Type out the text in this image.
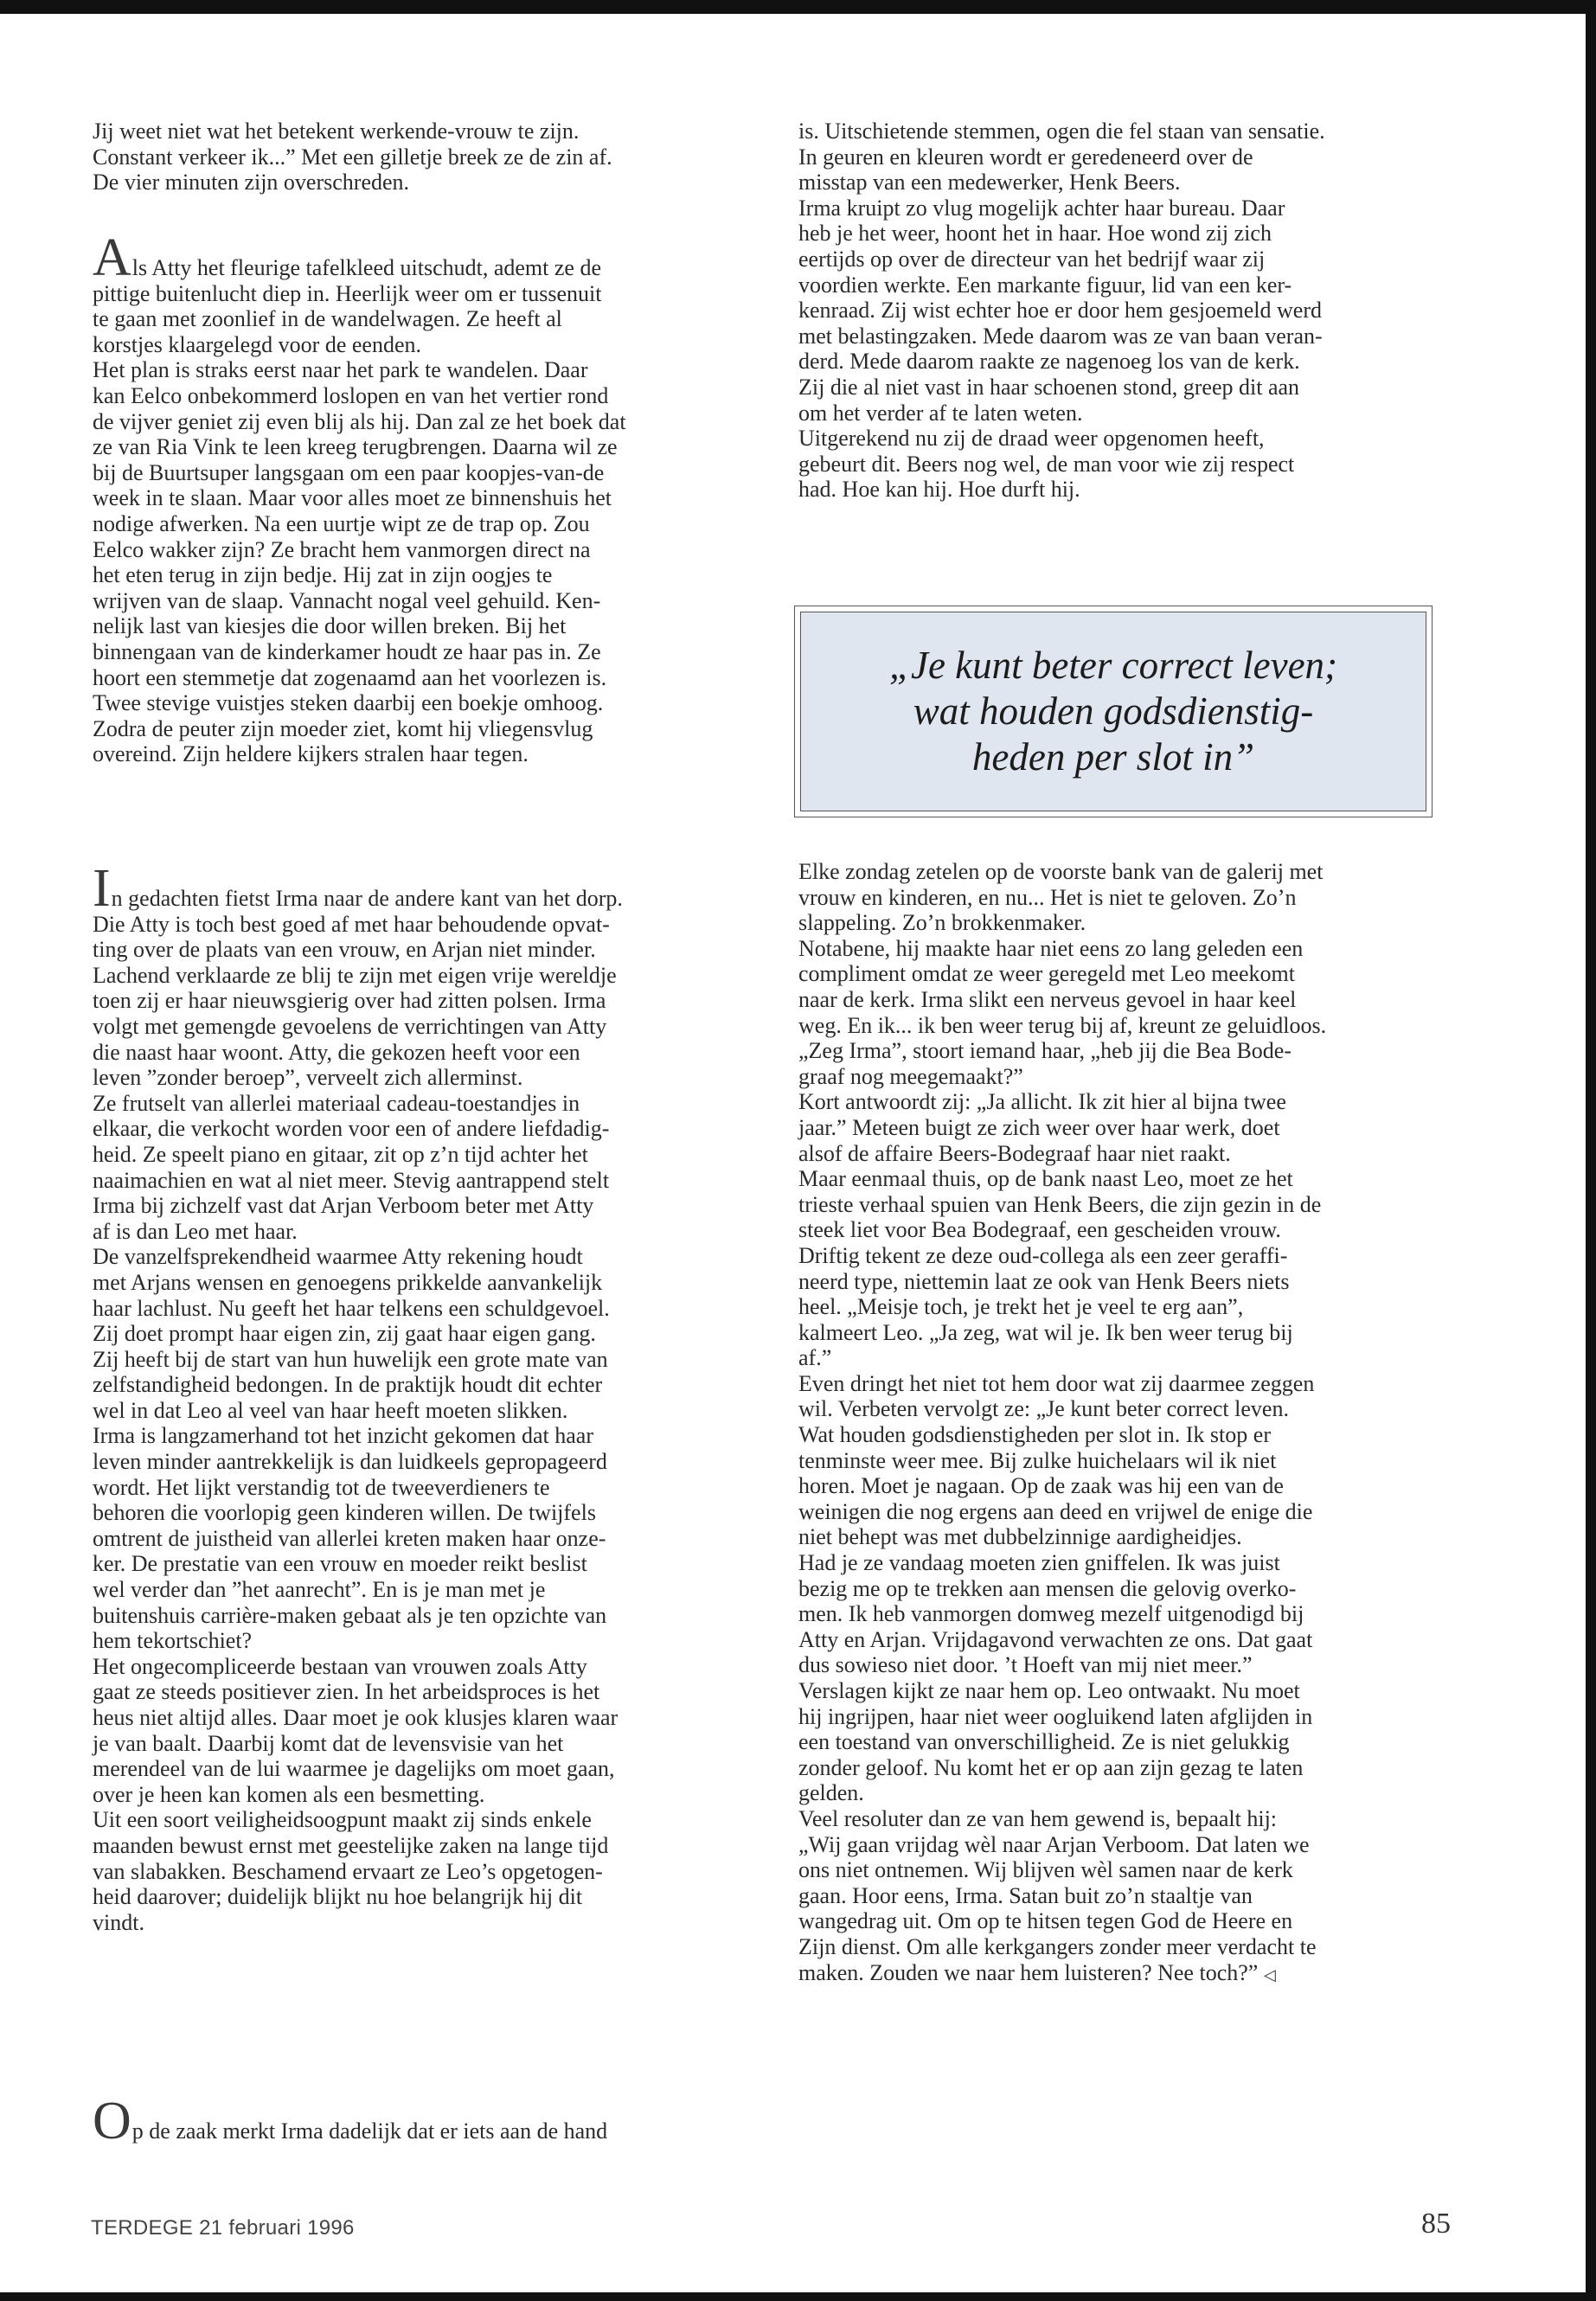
Jij weet niet wat het betekent werkende-vrouw te zijn.

Constant verkeer ik...” Met een gilletje breek ze de zin af.

De vier minuten zijn overschreden.

Als Atty het fleurige tafelkleed uitschudt, ademt ze de

pittige buitenlucht diep in. Heerlijk weer om er tussenuit

te gaan met zoonlief in de wandelwagen. Ze heeft al

korstjes klaargelegd voor de eenden.

Het plan is straks eerst naar het park te wandelen. Daar

kan Eelco onbekommerd loslopen en van het vertier rond

de vijver geniet zij even blij als hij. Dan zal ze het boek dat

ze van Ria Vink te leen kreeg terugbrengen. Daarna wil ze

bij de Buurtsuper langsgaan om een paar koopjes-van-de

week in te slaan. Maar voor alles moet ze binnenshuis het

nodige afwerken. Na een uurtje wipt ze de trap op. Zou

Eelco wakker zijn? Ze bracht hem vanmorgen direct na

het eten terug in zijn bedje. Hij zat in zijn oogjes te

wrijven van de slaap. Vannacht nogal veel gehuild. Ken-

nelijk last van kiesjes die door willen breken. Bij het

binnengaan van de kinderkamer houdt ze haar pas in. Ze

hoort een stemmetje dat zogenaamd aan het voorlezen is.

Twee stevige vuistjes steken daarbij een boekje omhoog.

Zodra de peuter zijn moeder ziet, komt hij vliegensvlug

overeind. Zijn heldere kijkers stralen haar tegen.

In gedachten fietst Irma naar de andere kant van het dorp.

Die Atty is toch best goed af met haar behoudende opvat-

ting over de plaats van een vrouw, en Arjan niet minder.

Lachend verklaarde ze blij te zijn met eigen vrije wereldje

toen zij er haar nieuwsgierig over had zitten polsen. Irma

volgt met gemengde gevoelens de verrichtingen van Atty

die naast haar woont. Atty, die gekozen heeft voor een

leven ”zonder beroep”, verveelt zich allerminst.

Ze frutselt van allerlei materiaal cadeau-toestandjes in

elkaar, die verkocht worden voor een of andere liefdadig-

heid. Ze speelt piano en gitaar, zit op z’n tijd achter het

naaimachien en wat al niet meer. Stevig aantrappend stelt

Irma bij zichzelf vast dat Arjan Verboom beter met Atty

af is dan Leo met haar.

De vanzelfsprekendheid waarmee Atty rekening houdt

met Arjans wensen en genoegens prikkelde aanvankelijk

haar lachlust. Nu geeft het haar telkens een schuldgevoel.

Zij doet prompt haar eigen zin, zij gaat haar eigen gang.

Zij heeft bij de start van hun huwelijk een grote mate van

zelfstandigheid bedongen. In de praktijk houdt dit echter

wel in dat Leo al veel van haar heeft moeten slikken.

Irma is langzamerhand tot het inzicht gekomen dat haar

leven minder aantrekkelijk is dan luidkeels gepropageerd

wordt. Het lijkt verstandig tot de tweeverdieners te

behoren die voorlopig geen kinderen willen. De twijfels

omtrent de juistheid van allerlei kreten maken haar onze-

ker. De prestatie van een vrouw en moeder reikt beslist

wel verder dan ”het aanrecht”. En is je man met je

buitenshuis carrière-maken gebaat als je ten opzichte van

hem tekortschiet?

Het ongecompliceerde bestaan van vrouwen zoals Atty

gaat ze steeds positiever zien. In het arbeidsproces is het

heus niet altijd alles. Daar moet je ook klusjes klaren waar

je van baalt. Daarbij komt dat de levensvisie van het

merendeel van de lui waarmee je dagelijks om moet gaan,

over je heen kan komen als een besmetting.

Uit een soort veiligheidsoogpunt maakt zij sinds enkele

maanden bewust ernst met geestelijke zaken na lange tijd

van slabakken. Beschamend ervaart ze Leo’s opgetogen-

heid daarover; duidelijk blijkt nu hoe belangrijk hij dit

vindt.

Op de zaak merkt Irma dadelijk dat er iets aan de hand

is. Uitschietende stemmen, ogen die fel staan van sensatie.

In geuren en kleuren wordt er geredeneerd over de

misstap van een medewerker, Henk Beers.

Irma kruipt zo vlug mogelijk achter haar bureau. Daar

heb je het weer, hoont het in haar. Hoe wond zij zich

eertijds op over de directeur van het bedrijf waar zij

voordien werkte. Een markante figuur, lid van een ker-

kenraad. Zij wist echter hoe er door hem gesjoemeld werd

met belastingzaken. Mede daarom was ze van baan veran-

derd. Mede daarom raakte ze nagenoeg los van de kerk.

Zij die al niet vast in haar schoenen stond, greep dit aan

om het verder af te laten weten.

Uitgerekend nu zij de draad weer opgenomen heeft,

gebeurt dit. Beers nog wel, de man voor wie zij respect

had. Hoe kan hij. Hoe durft hij.

„Je kunt beter correct leven;
wat houden godsdienstig-
heden per slot in”

Elke zondag zetelen op de voorste bank van de galerij met

vrouw en kinderen, en nu... Het is niet te geloven. Zo’n

slappeling. Zo’n brokkenmaker.

Notabene, hij maakte haar niet eens zo lang geleden een

compliment omdat ze weer geregeld met Leo meekomt

naar de kerk. Irma slikt een nerveus gevoel in haar keel

weg. En ik... ik ben weer terug bij af, kreunt ze geluidloos.

„Zeg Irma”, stoort iemand haar, „heb jij die Bea Bode-

graaf nog meegemaakt?”

Kort antwoordt zij: „Ja allicht. Ik zit hier al bijna twee

jaar.” Meteen buigt ze zich weer over haar werk, doet

alsof de affaire Beers-Bodegraaf haar niet raakt.

Maar eenmaal thuis, op de bank naast Leo, moet ze het

trieste verhaal spuien van Henk Beers, die zijn gezin in de

steek liet voor Bea Bodegraaf, een gescheiden vrouw.

Driftig tekent ze deze oud-collega als een zeer geraffi-

neerd type, niettemin laat ze ook van Henk Beers niets

heel. „Meisje toch, je trekt het je veel te erg aan”,

kalmeert Leo. „Ja zeg, wat wil je. Ik ben weer terug bij

af.”

Even dringt het niet tot hem door wat zij daarmee zeggen

wil. Verbeten vervolgt ze: „Je kunt beter correct leven.

Wat houden godsdienstigheden per slot in. Ik stop er

tenminste weer mee. Bij zulke huichelaars wil ik niet

horen. Moet je nagaan. Op de zaak was hij een van de

weinigen die nog ergens aan deed en vrijwel de enige die

niet behept was met dubbelzinnige aardigheidjes.

Had je ze vandaag moeten zien gniffelen. Ik was juist

bezig me op te trekken aan mensen die gelovig overko-

men. Ik heb vanmorgen domweg mezelf uitgenodigd bij

Atty en Arjan. Vrijdagavond verwachten ze ons. Dat gaat

dus sowieso niet door. ’t Hoeft van mij niet meer.”

Verslagen kijkt ze naar hem op. Leo ontwaakt. Nu moet

hij ingrijpen, haar niet weer oogluikend laten afglijden in

een toestand van onverschilligheid. Ze is niet gelukkig

zonder geloof. Nu komt het er op aan zijn gezag te laten

gelden.

Veel resoluter dan ze van hem gewend is, bepaalt hij:

„Wij gaan vrijdag wèl naar Arjan Verboom. Dat laten we

ons niet ontnemen. Wij blijven wèl samen naar de kerk

gaan. Hoor eens, Irma. Satan buit zo’n staaltje van

wangedrag uit. Om op te hitsen tegen God de Heere en

Zijn dienst. Om alle kerkgangers zonder meer verdacht te

maken. Zouden we naar hem luisteren? Nee toch?” ◁

TERDEGE 21 februari 1996	85
